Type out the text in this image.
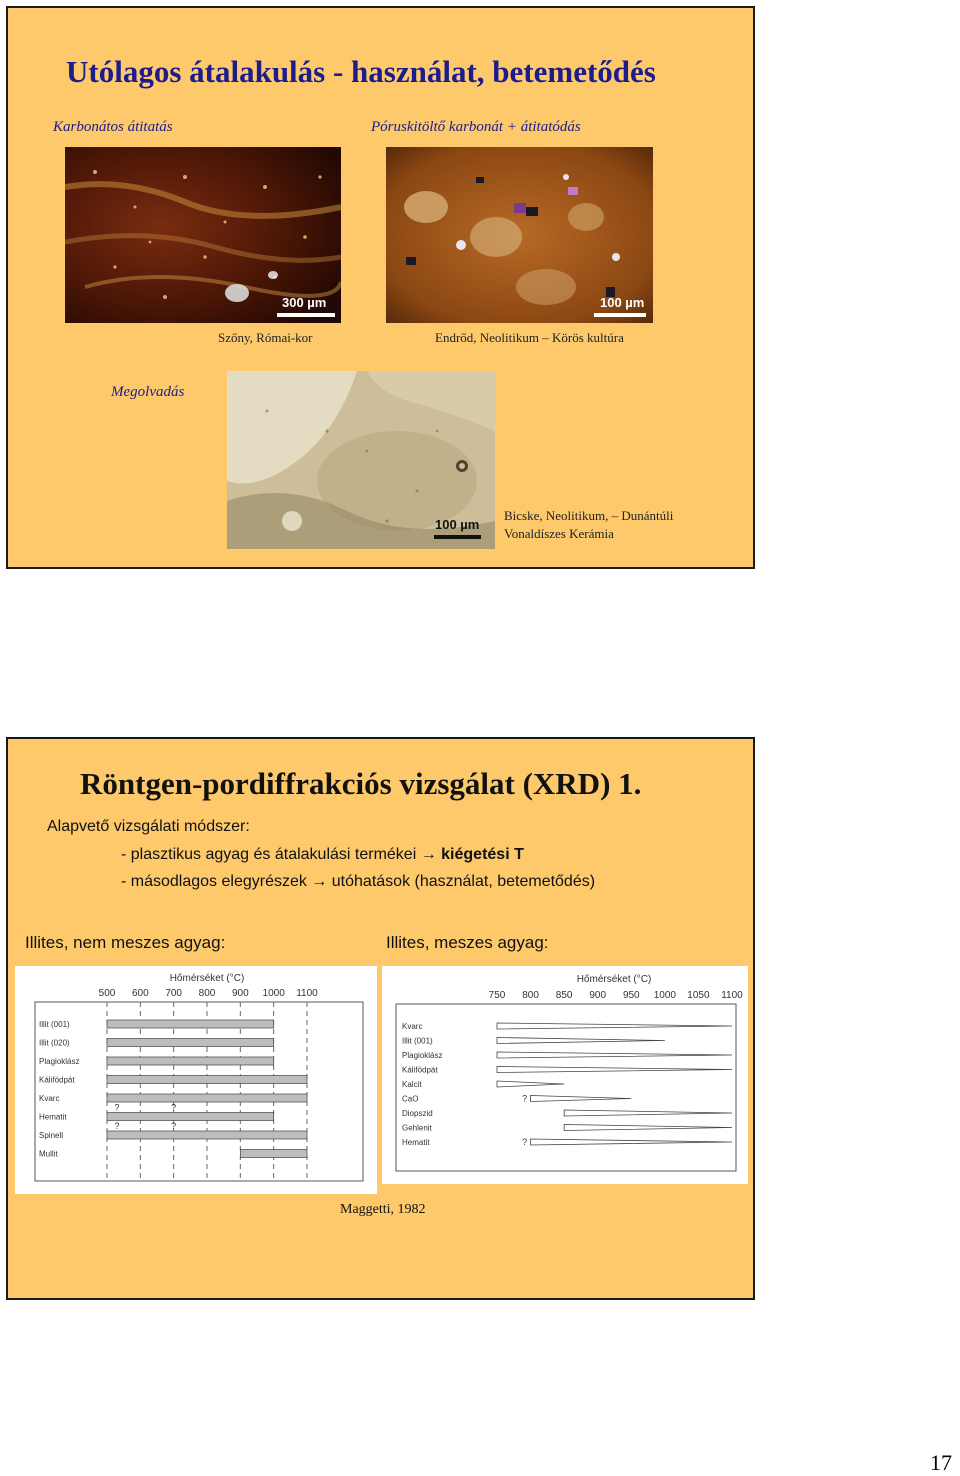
Utólagos átalakulás - használat, betemetődés
Karbonátos átitatás	Póruskitöltő karbonát + átitatódás
300 µm
Szőny, Római-kor
100 µm
Endrőd, Neolitikum – Körös kultúra
Megolvadás
100 µm
Bicske, Neolitikum, – Dunántúli
Vonaldíszes Kerámia
Röntgen-pordiffrakciós vizsgálat (XRD) 1.
Alapvető vizsgálati módszer:
- plasztikus agyag és átalakulási termékei → kiégetési T
- másodlagos elegyrészek → utóhatások (használat, betemetődés)
Illites, nem meszes agyag:	Illites, meszes agyag:
Hőmérséket (°C)
500 600 700 800 900 1000 1100
Illit (001)
Illit (020)
Plagioklász
Kálifödpát
Kvarc
Hematit
Spinell
Mullit
?	?
?	?
Hőmérséket (°C)
750 800 850 900 950 1000 1050 1100
Kvarc
Illit (001)
Plagioklász
Kálifödpát
Kalcit
CaO
Diopszid
Gehlenit
Hematit
?
?
Maggetti, 1982
17
